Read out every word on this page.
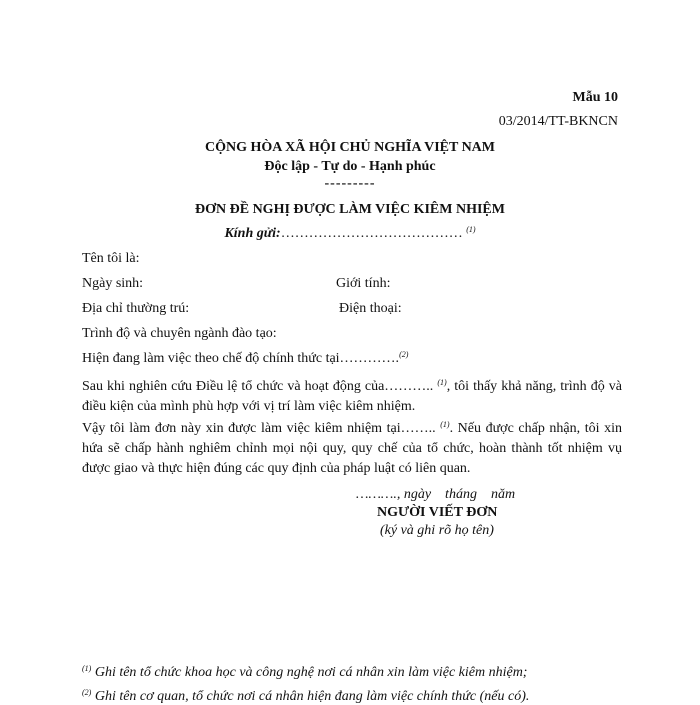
Mẫu 10
03/2014/TT-BKNCN
CỘNG HÒA XÃ HỘI CHỦ NGHĨA VIỆT NAM
Độc lập - Tự do - Hạnh phúc
---------
ĐƠN ĐỀ NGHỊ ĐƯỢC LÀM VIỆC KIÊM NHIỆM
Kính gửi:………………………………… $^{(1)}$
Tên tôi là:
Ngày sinh:	Giới tính:
Địa chỉ thường trú:	Điện thoại:
Trình độ và chuyên ngành đào tạo:
Hiện đang làm việc theo chế độ chính thức tại………….$^{(2)}$
Sau khi nghiên cứu Điều lệ tổ chức và hoạt động của……….. $^{(1)}$, tôi thấy khả năng, trình độ và điều kiện của mình phù hợp với vị trí làm việc kiêm nhiệm.
Vậy tôi làm đơn này xin được làm việc kiêm nhiệm tại…….. $^{(1)}$. Nếu được chấp nhận, tôi xin hứa sẽ chấp hành nghiêm chỉnh mọi nội quy, quy chế của tổ chức, hoàn thành tốt nhiệm vụ được giao và thực hiện đúng các quy định của pháp luật có liên quan.
………., ngày    tháng    năm
NGƯỜI VIẾT ĐƠN
(ký và ghi rõ họ tên)
$^{(1)}$ Ghi tên tổ chức khoa học và công nghệ nơi cá nhân xin làm việc kiêm nhiệm;
$^{(2)}$ Ghi tên cơ quan, tổ chức nơi cá nhân hiện đang làm việc chính thức (nếu có).
